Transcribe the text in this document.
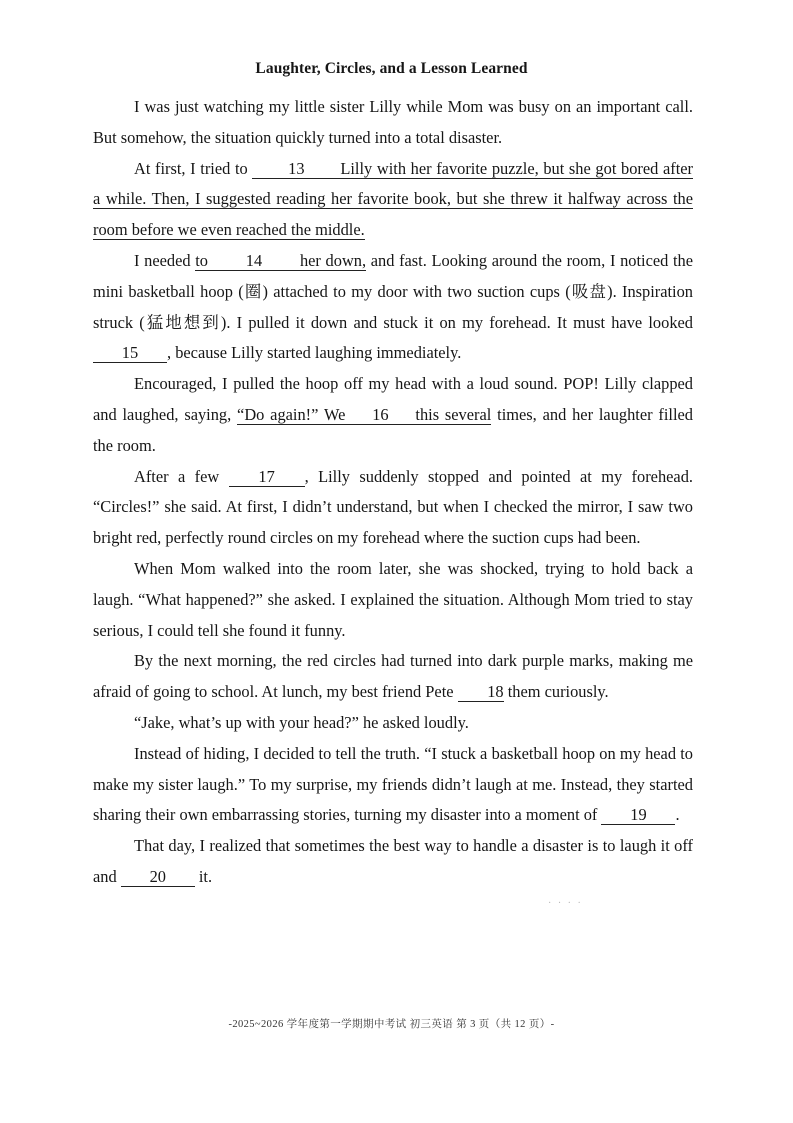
Laughter, Circles, and a Lesson Learned

I was just watching my little sister Lilly while Mom was busy on an important call. But somehow, the situation quickly turned into a total disaster.

At first, I tried to 13 Lilly with her favorite puzzle, but she got bored after a while. Then, I suggested reading her favorite book, but she threw it halfway across the room before we even reached the middle.

I needed to 14 her down, and fast. Looking around the room, I noticed the mini basketball hoop (圈) attached to my door with two suction cups (吸盘). Inspiration struck (猛地想到). I pulled it down and stuck it on my forehead. It must have looked 15 , because Lilly started laughing immediately.

Encouraged, I pulled the hoop off my head with a loud sound. POP! Lilly clapped and laughed, saying, “Do again!” We 16 this several times, and her laughter filled the room.

After a few 17 , Lilly suddenly stopped and pointed at my forehead. “Circles!” she said. At first, I didn’t understand, but when I checked the mirror, I saw two bright red, perfectly round circles on my forehead where the suction cups had been.

When Mom walked into the room later, she was shocked, trying to hold back a laugh. “What happened?” she asked. I explained the situation. Although Mom tried to stay serious, I could tell she found it funny.

By the next morning, the red circles had turned into dark purple marks, making me afraid of going to school. At lunch, my best friend Pete 18 them curiously.

“Jake, what’s up with your head?” he asked loudly.

Instead of hiding, I decided to tell the truth. “I stuck a basketball hoop on my head to make my sister laugh.” To my surprise, my friends didn’t laugh at me. Instead, they started sharing their own embarrassing stories, turning my disaster into a moment of 19 .

That day, I realized that sometimes the best way to handle a disaster is to laugh it off and 20 it.

· · · ·
-2025~2026 学年度第一学期期中考试 初三英语 第 3 页（共 12 页）-
